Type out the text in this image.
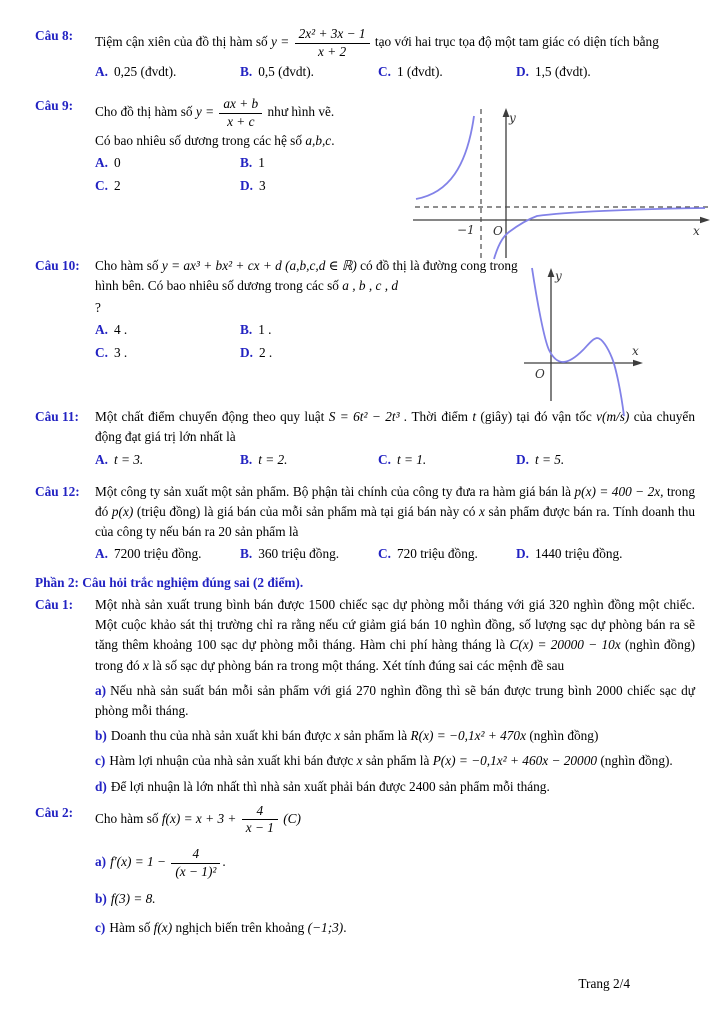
Câu 8:	Tiệm cận xiên của đồ thị hàm số $y = \frac{\text{2x² + 3x − 1}}{x + 2}$ tạo với hai trục tọa độ một tam giác có diện tích bằng
A. 0,25 (đvdt).	B. 0,5 (đvdt).	C. 1 (đvdt).	D. 1,5 (đvdt).
Câu 9:	Cho đồ thị hàm số $y = \frac{ax + b}{x + c}$ như hình vẽ.
Có bao nhiêu số dương trong các hệ số a,b,c.
A. 0	B. 1
C. 2	D. 3
y
x
O
−1
Câu 10:	Cho hàm số y = ax³ + bx² + cx + d (a,b,c,d ∈ ℝ) có đồ thị là đường cong trong hình bên. Có bao nhiêu số dương trong các số a , b , c , d
?
A. 4 .	B. 1 .
C. 3 .	D. 2 .
y
x
O
Câu 11:	Một chất điểm chuyển động theo quy luật S = 6t² − 2t³ . Thời điểm t (giây) tại đó vận tốc v(m/s) của chuyển động đạt giá trị lớn nhất là
A. t = 3.	B. t = 2.	C. t = 1.	D. t = 5.
Câu 12:	Một công ty sản xuất một sản phẩm. Bộ phận tài chính của công ty đưa ra hàm giá bán là p(x) = 400 − 2x, trong đó p(x) (triệu đồng) là giá bán của mỗi sản phẩm mà tại giá bán này có x sản phẩm được bán ra. Tính doanh thu của công ty nếu bán ra 20 sản phẩm là
A. 7200 triệu đồng.	B. 360 triệu đồng.	C. 720 triệu đồng.	D. 1440 triệu đồng.
Phần 2: Câu hỏi trắc nghiệm đúng sai (2 điểm).
Câu 1:	Một nhà sản xuất trung bình bán được 1500 chiếc sạc dự phòng mỗi tháng với giá 320 nghìn đồng một chiếc. Một cuộc khảo sát thị trường chỉ ra rằng nếu cứ giảm giá bán 10 nghìn đồng, số lượng sạc dự phòng bán ra sẽ tăng thêm khoảng 100 sạc dự phòng mỗi tháng. Hàm chi phí hàng tháng là C(x) = 20000 − 10x (nghìn đồng) trong đó x là số sạc dự phòng bán ra trong một tháng. Xét tính đúng sai các mệnh đề sau
a) Nếu nhà sản suất bán mỗi sản phẩm với giá 270 nghìn đồng thì sẽ bán được trung bình 2000 chiếc sạc dự phòng mỗi tháng.
b) Doanh thu của nhà sản xuất khi bán được x sản phẩm là R(x) = −0,1x² + 470x (nghìn đồng)
c) Hàm lợi nhuận của nhà sản xuất khi bán được x sản phẩm là P(x) = −0,1x² + 460x − 20000 (nghìn đồng).
d) Để lợi nhuận là lớn nhất thì nhà sản xuất phải bán được 2400 sản phẩm mỗi tháng.
Câu 2:	Cho hàm số $f(x) = x + 3 + \frac{4}{x - 1} (C)$
a) $f'(x) = 1 - \frac{4}{\text{(x − 1)²}}$ .
b) f(3) = 8.
c) Hàm số f(x) nghịch biến trên khoảng (−1;3).
Trang 2/4
